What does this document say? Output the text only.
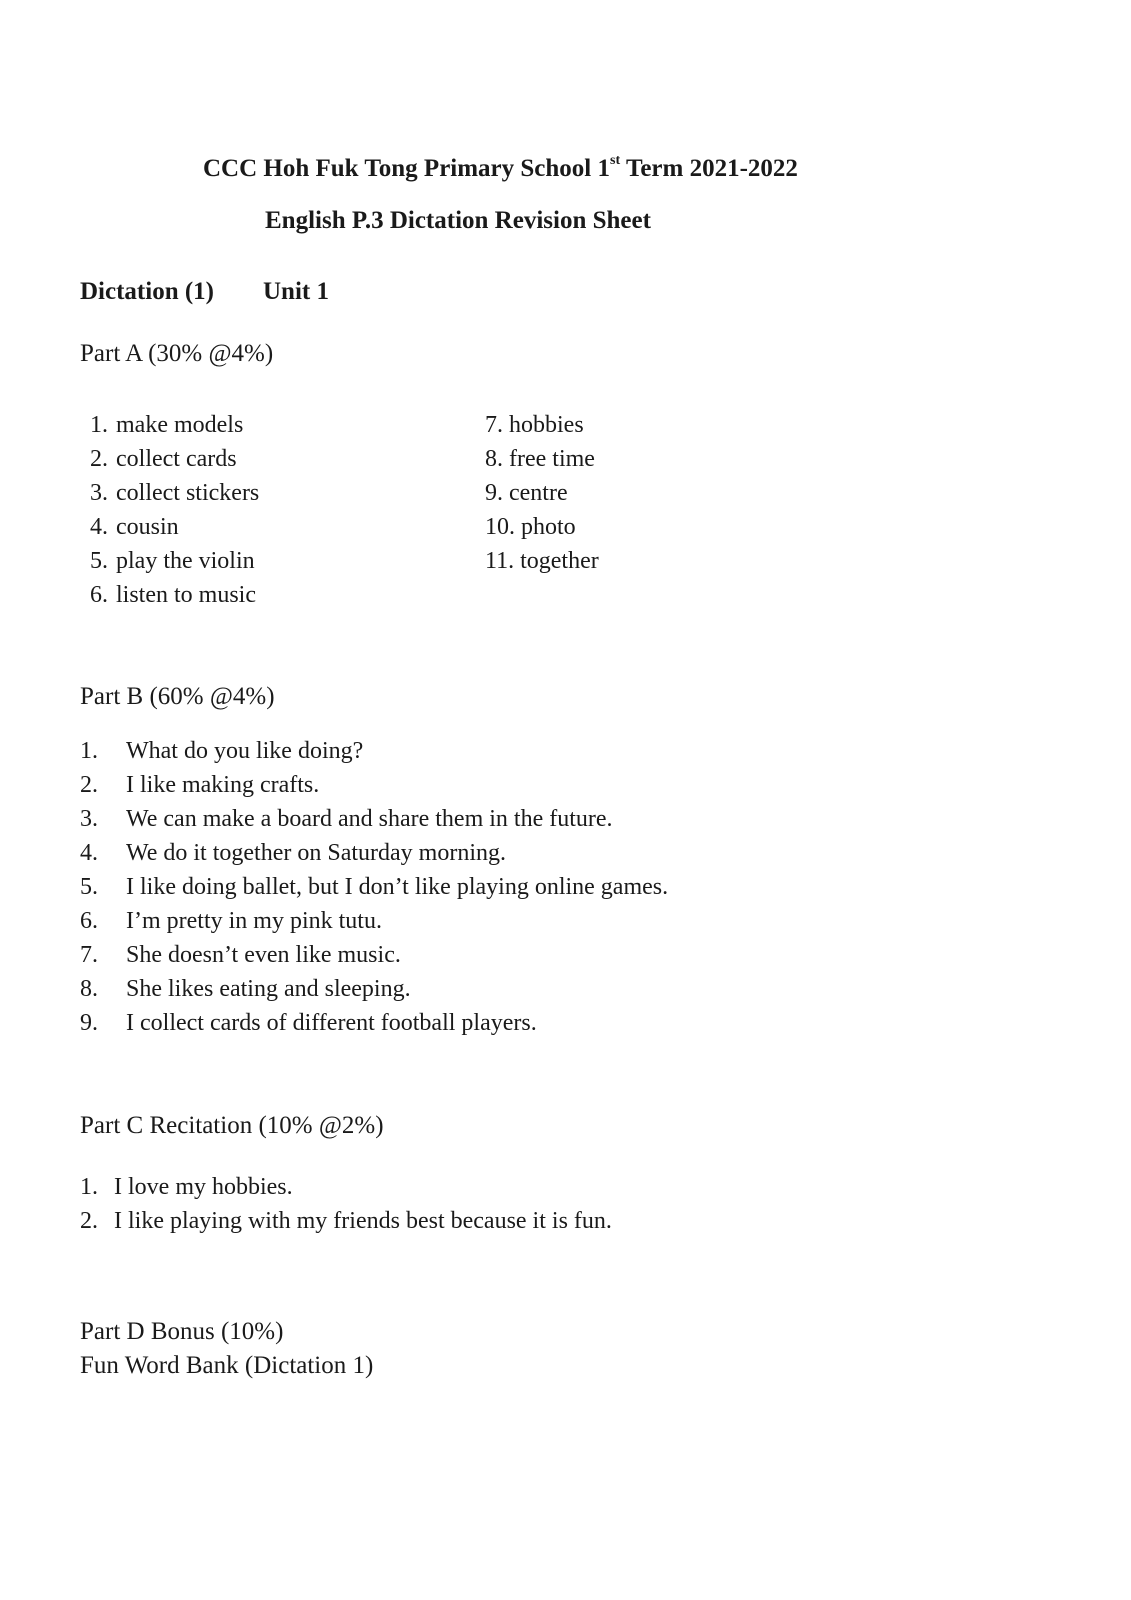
CCC Hoh Fuk Tong Primary School 1st Term 2021-2022
English P.3 Dictation Revision Sheet
Dictation (1) Unit 1
Part A (30% @4%)
1. make models
2. collect cards
3. collect stickers
4. cousin
5. play the violin
6. listen to music
7. hobbies
8. free time
9. centre
10. photo
11. together
Part B (60% @4%)
1. What do you like doing?
2. I like making crafts.
3. We can make a board and share them in the future.
4. We do it together on Saturday morning.
5. I like doing ballet, but I don’t like playing online games.
6. I’m pretty in my pink tutu.
7. She doesn’t even like music.
8. She likes eating and sleeping.
9. I collect cards of different football players.
Part C Recitation (10% @2%)
1. I love my hobbies.
2. I like playing with my friends best because it is fun.
Part D Bonus (10%)
Fun Word Bank (Dictation 1)
